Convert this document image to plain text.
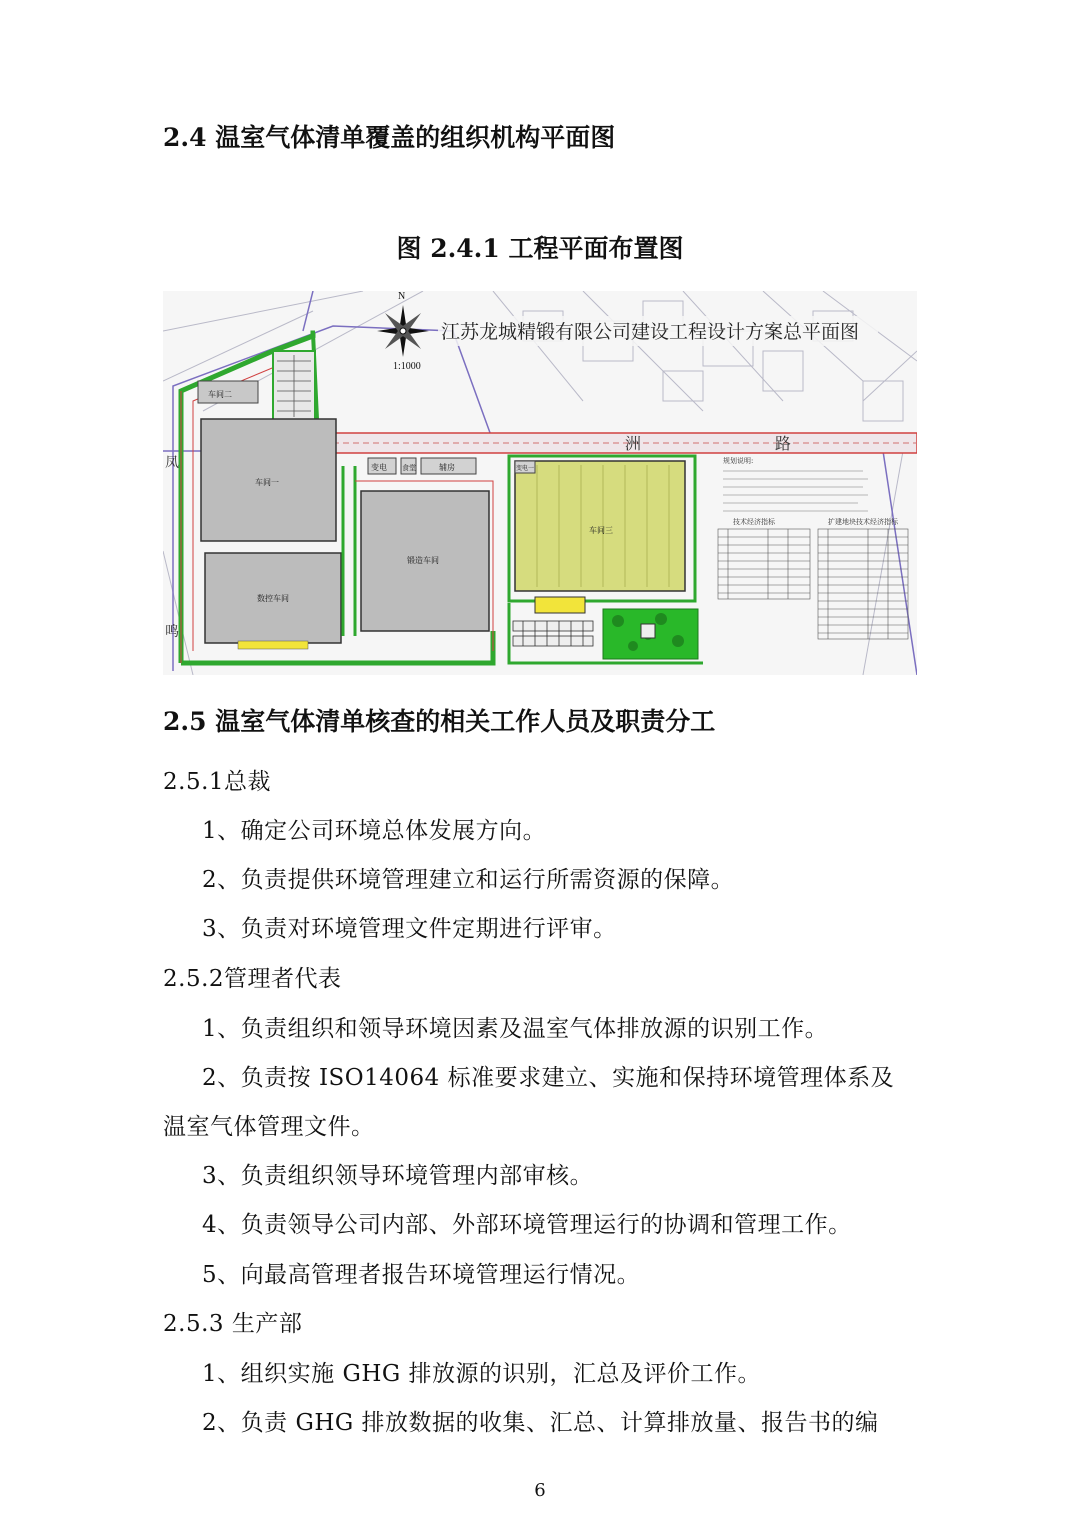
2.4 温室气体清单覆盖的组织机构平面图
图 2.4.1 工程平面布置图
洲	路
凤
鸣
车间二
车间一
数控车间
变电 食堂	辅房
锻造车间
车间三
变电一
规划说明:
技术经济指标	扩建地块技术经济指标
N
1:1000
江苏龙城精锻有限公司建设工程设计方案总平面图
2.5 温室气体清单核查的相关工作人员及职责分工
2.5.1总裁
1、确定公司环境总体发展方向。
2、负责提供环境管理建立和运行所需资源的保障。
3、负责对环境管理文件定期进行评审。
2.5.2管理者代表
1、负责组织和领导环境因素及温室气体排放源的识别工作。
2、负责按 ISO14064 标准要求建立、实施和保持环境管理体系及
温室气体管理文件。
3、负责组织领导环境管理内部审核。
4、负责领导公司内部、外部环境管理运行的协调和管理工作。
5、向最高管理者报告环境管理运行情况。
2.5.3 生产部
1、组织实施 GHG 排放源的识别，汇总及评价工作。
2、负责 GHG 排放数据的收集、汇总、计算排放量、报告书的编
6
